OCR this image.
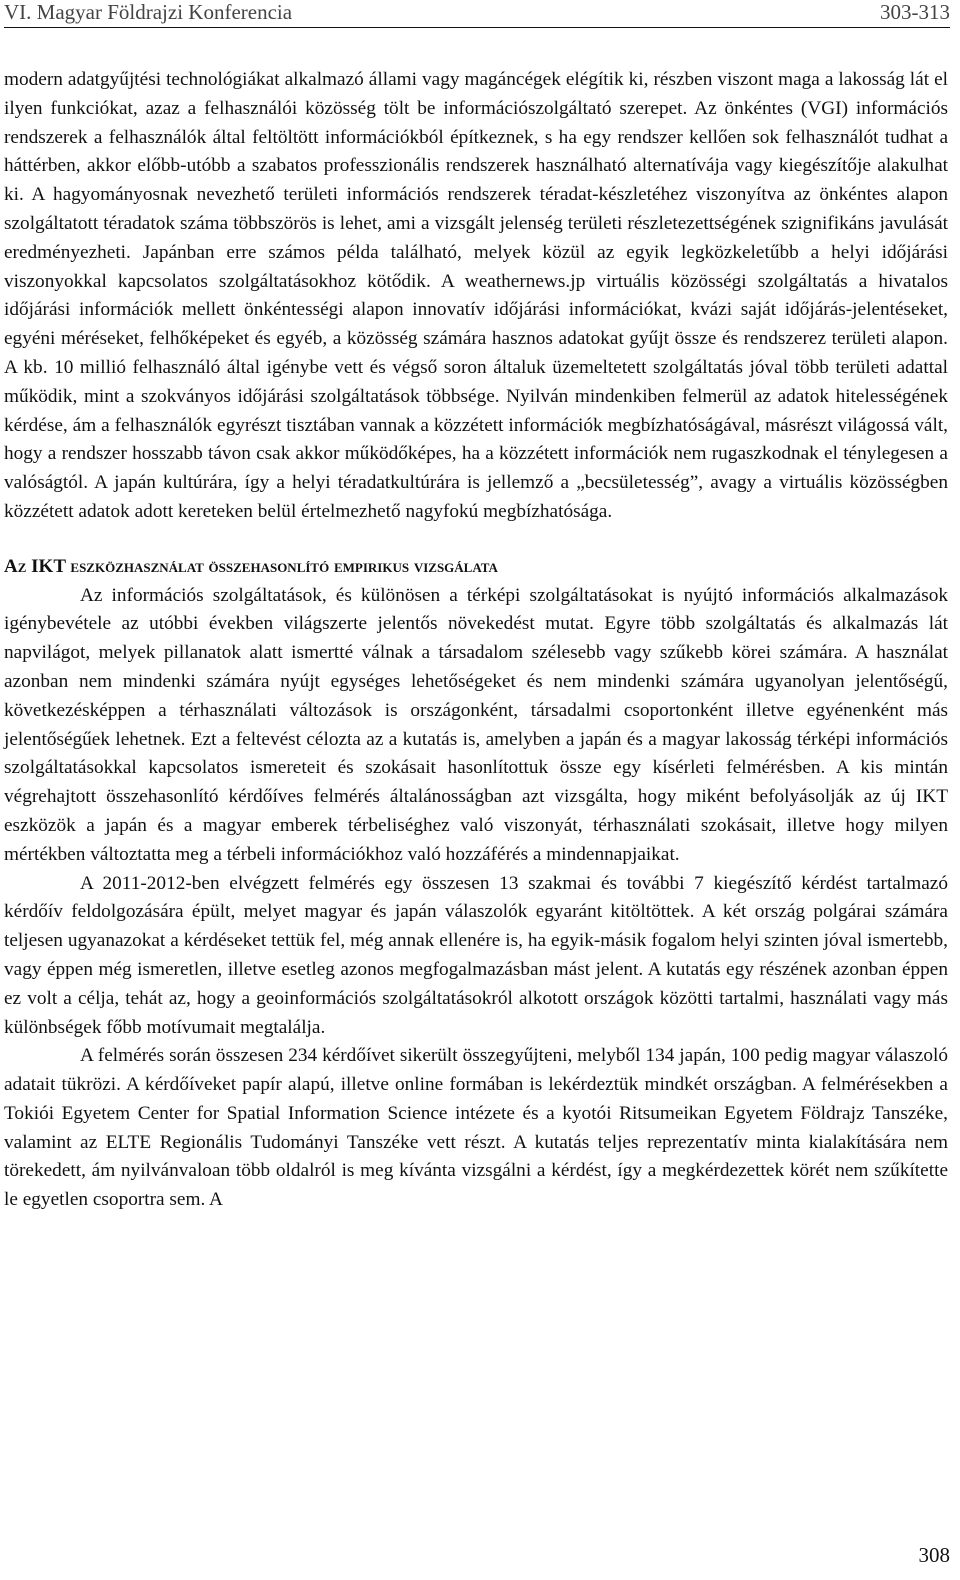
VI. Magyar Földrajzi Konferencia	303-313

modern adatgyűjtési technológiákat alkalmazó állami vagy magáncégek elégítik ki, részben viszont maga a lakosság lát el ilyen funkciókat, azaz a felhasználói közösség tölt be információszolgáltató szerepet. Az önkéntes (VGI) információs rendszerek a felhasználók által feltöltött információkból építkeznek, s ha egy rendszer kellően sok felhasználót tudhat a háttérben, akkor előbb-utóbb a szabatos professzionális rendszerek használható alternatívája vagy kiegészítője alakulhat ki. A hagyományosnak nevezhető területi információs rendszerek téradat-készletéhez viszonyítva az önkéntes alapon szolgáltatott téradatok száma többszörös is lehet, ami a vizsgált jelenség területi részletezettségének szignifikáns javulását eredményezheti. Japánban erre számos példa található, melyek közül az egyik legközkeletűbb a helyi időjárási viszonyokkal kapcsolatos szolgáltatásokhoz kötődik. A weathernews.jp virtuális közösségi szolgáltatás a hivatalos időjárási információk mellett önkéntességi alapon innovatív időjárási információkat, kvázi saját időjárás-jelentéseket, egyéni méréseket, felhőképeket és egyéb, a közösség számára hasznos adatokat gyűjt össze és rendszerez területi alapon. A kb. 10 millió felhasználó által igénybe vett és végső soron általuk üzemeltetett szolgáltatás jóval több területi adattal működik, mint a szokványos időjárási szolgáltatások többsége. Nyilván mindenkiben felmerül az adatok hitelességének kérdése, ám a felhasználók egyrészt tisztában vannak a közzétett információk megbízhatóságával, másrészt világossá vált, hogy a rendszer hosszabb távon csak akkor működőképes, ha a közzétett információk nem rugaszkodnak el ténylegesen a valóságtól. A japán kultúrára, így a helyi téradatkultúrára is jellemző a „becsületesség”, avagy a virtuális közösségben közzétett adatok adott kereteken belül értelmezhető nagyfokú megbízhatósága.

Az IKT eszközhasználat összehasonlító empirikus vizsgálata

Az információs szolgáltatások, és különösen a térképi szolgáltatásokat is nyújtó információs alkalmazások igénybevétele az utóbbi években világszerte jelentős növekedést mutat. Egyre több szolgáltatás és alkalmazás lát napvilágot, melyek pillanatok alatt ismertté válnak a társadalom szélesebb vagy szűkebb körei számára. A használat azonban nem mindenki számára nyújt egységes lehetőségeket és nem mindenki számára ugyanolyan jelentőségű, következésképpen a térhasználati változások is országonként, társadalmi csoportonként illetve egyénenként más jelentőségűek lehetnek. Ezt a feltevést célozta az a kutatás is, amelyben a japán és a magyar lakosság térképi információs szolgáltatásokkal kapcsolatos ismereteit és szokásait hasonlítottuk össze egy kísérleti felmérésben. A kis mintán végrehajtott összehasonlító kérdőíves felmérés általánosságban azt vizsgálta, hogy miként befolyásolják az új IKT eszközök a japán és a magyar emberek térbeliséghez való viszonyát, térhasználati szokásait, illetve hogy milyen mértékben változtatta meg a térbeli információkhoz való hozzáférés a mindennapjaikat.

A 2011-2012-ben elvégzett felmérés egy összesen 13 szakmai és további 7 kiegészítő kérdést tartalmazó kérdőív feldolgozására épült, melyet magyar és japán válaszolók egyaránt kitöltöttek. A két ország polgárai számára teljesen ugyanazokat a kérdéseket tettük fel, még annak ellenére is, ha egyik-másik fogalom helyi szinten jóval ismertebb, vagy éppen még ismeretlen, illetve esetleg azonos megfogalmazásban mást jelent. A kutatás egy részének azonban éppen ez volt a célja, tehát az, hogy a geoinformációs szolgáltatásokról alkotott országok közötti tartalmi, használati vagy más különbségek főbb motívumait megtalálja.

A felmérés során összesen 234 kérdőívet sikerült összegyűjteni, melyből 134 japán, 100 pedig magyar válaszoló adatait tükrözi. A kérdőíveket papír alapú, illetve online formában is lekérdeztük mindkét országban. A felmérésekben a Tokiói Egyetem Center for Spatial Information Science intézete és a kyotói Ritsumeikan Egyetem Földrajz Tanszéke, valamint az ELTE Regionális Tudományi Tanszéke vett részt. A kutatás teljes reprezentatív minta kialakítására nem törekedett, ám nyilvánvaloan több oldalról is meg kívánta vizsgálni a kérdést, így a megkérdezettek körét nem szűkítette le egyetlen csoportra sem. A

308
